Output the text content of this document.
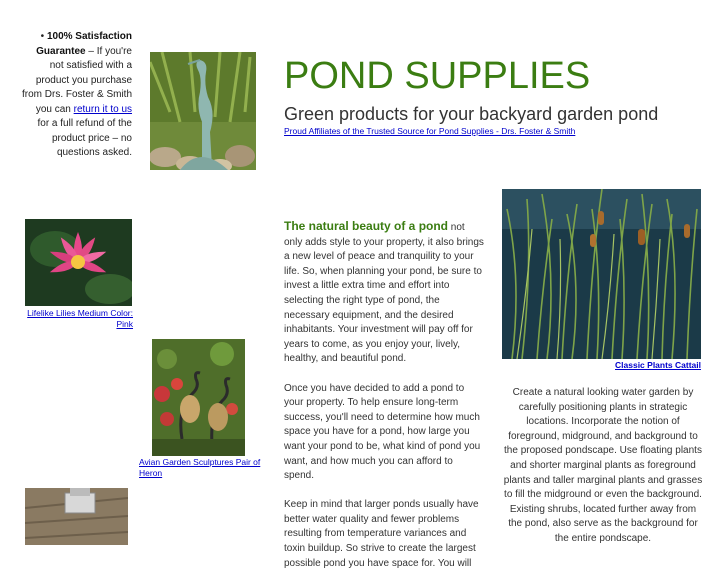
• 100% Satisfaction Guarantee – If you're not satisfied with a product you purchase from Drs. Foster & Smith you can return it to us for a full refund of the product price – no questions asked.
POND SUPPLIES
Green products for your backyard garden pond
Proud Affiliates of the Trusted Source for Pond Supplies - Drs. Foster & Smith
Lifelike Lilies Medium Color: Pink
Avian Garden Sculptures Pair of Heron

The natural beauty of a pond not only adds style to your property, it also brings a new level of peace and tranquility to your life. So, when planning your pond, be sure to invest a little extra time and effort into selecting the right type of pond, the necessary equipment, and the desired inhabitants. Your investment will pay off for years to come, as you enjoy your, lively, healthy, and beautiful pond.

Once you have decided to add a pond to your property. To help ensure long-term success, you'll need to determine how much space you have for a pond, how large you want your pond to be, what kind of pond you want, and how much you can afford to spend.

Keep in mind that larger ponds usually have better water quality and fewer problems resulting from temperature variances and toxin buildup. So strive to create the largest possible pond you have space for. You will

Classic Plants Cattail
Create a natural looking water garden by carefully positioning plants in strategic locations. Incorporate the notion of foreground, midground, and background to the proposed pondscape. Use floating plants and shorter marginal plants as foreground plants and taller marginal plants and grasses to fill the midground or even the background. Existing shrubs, located further away from the pond, also serve as the background for the entire pondscape.
